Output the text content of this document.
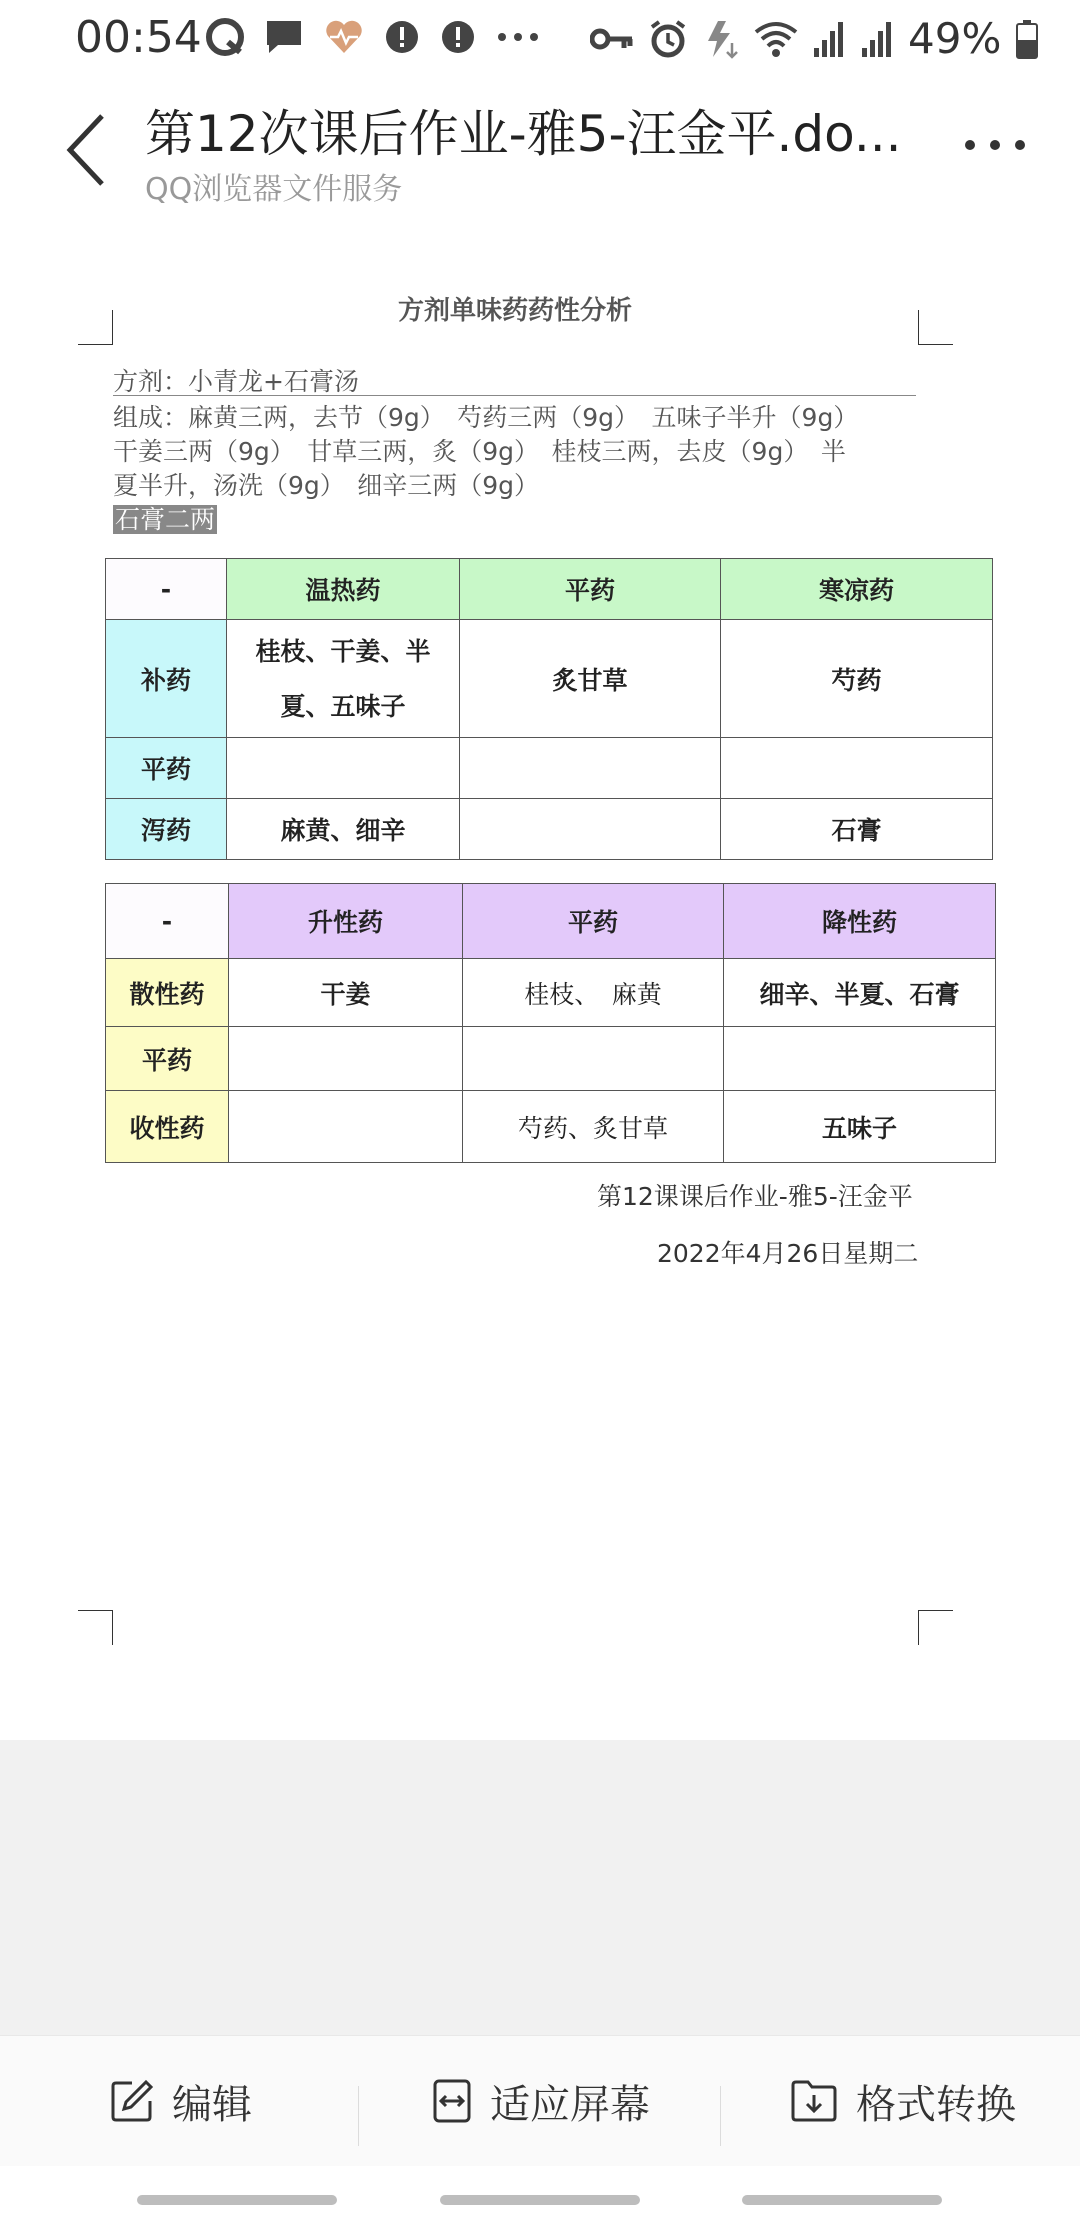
00:54	49%
第12次课后作业-雅5-汪金平.do...
QQ浏览器文件服务
方剂单味药药性分析
方剂：小青龙+石膏汤
组成：麻黄三两，去节（9g）　芍药三两（9g）　五味子半升（9g）
干姜三两（9g）　甘草三两，炙（9g）　桂枝三两，去皮（9g）　半
夏半升，汤洗（9g）　细辛三两（9g）
石膏二两
-	温热药	平药	寒凉药
补药	桂枝、干姜、半夏、五味子	炙甘草	芍药
平药			
泻药	麻黄、细辛		石膏
-	升性药	平药	降性药
散性药	干姜	桂枝、　麻黄	细辛、半夏、石膏
平药			
收性药		芍药、炙甘草	五味子
第12课课后作业-雅5-汪金平
2022年4月26日星期二
编辑	适应屏幕	格式转换
